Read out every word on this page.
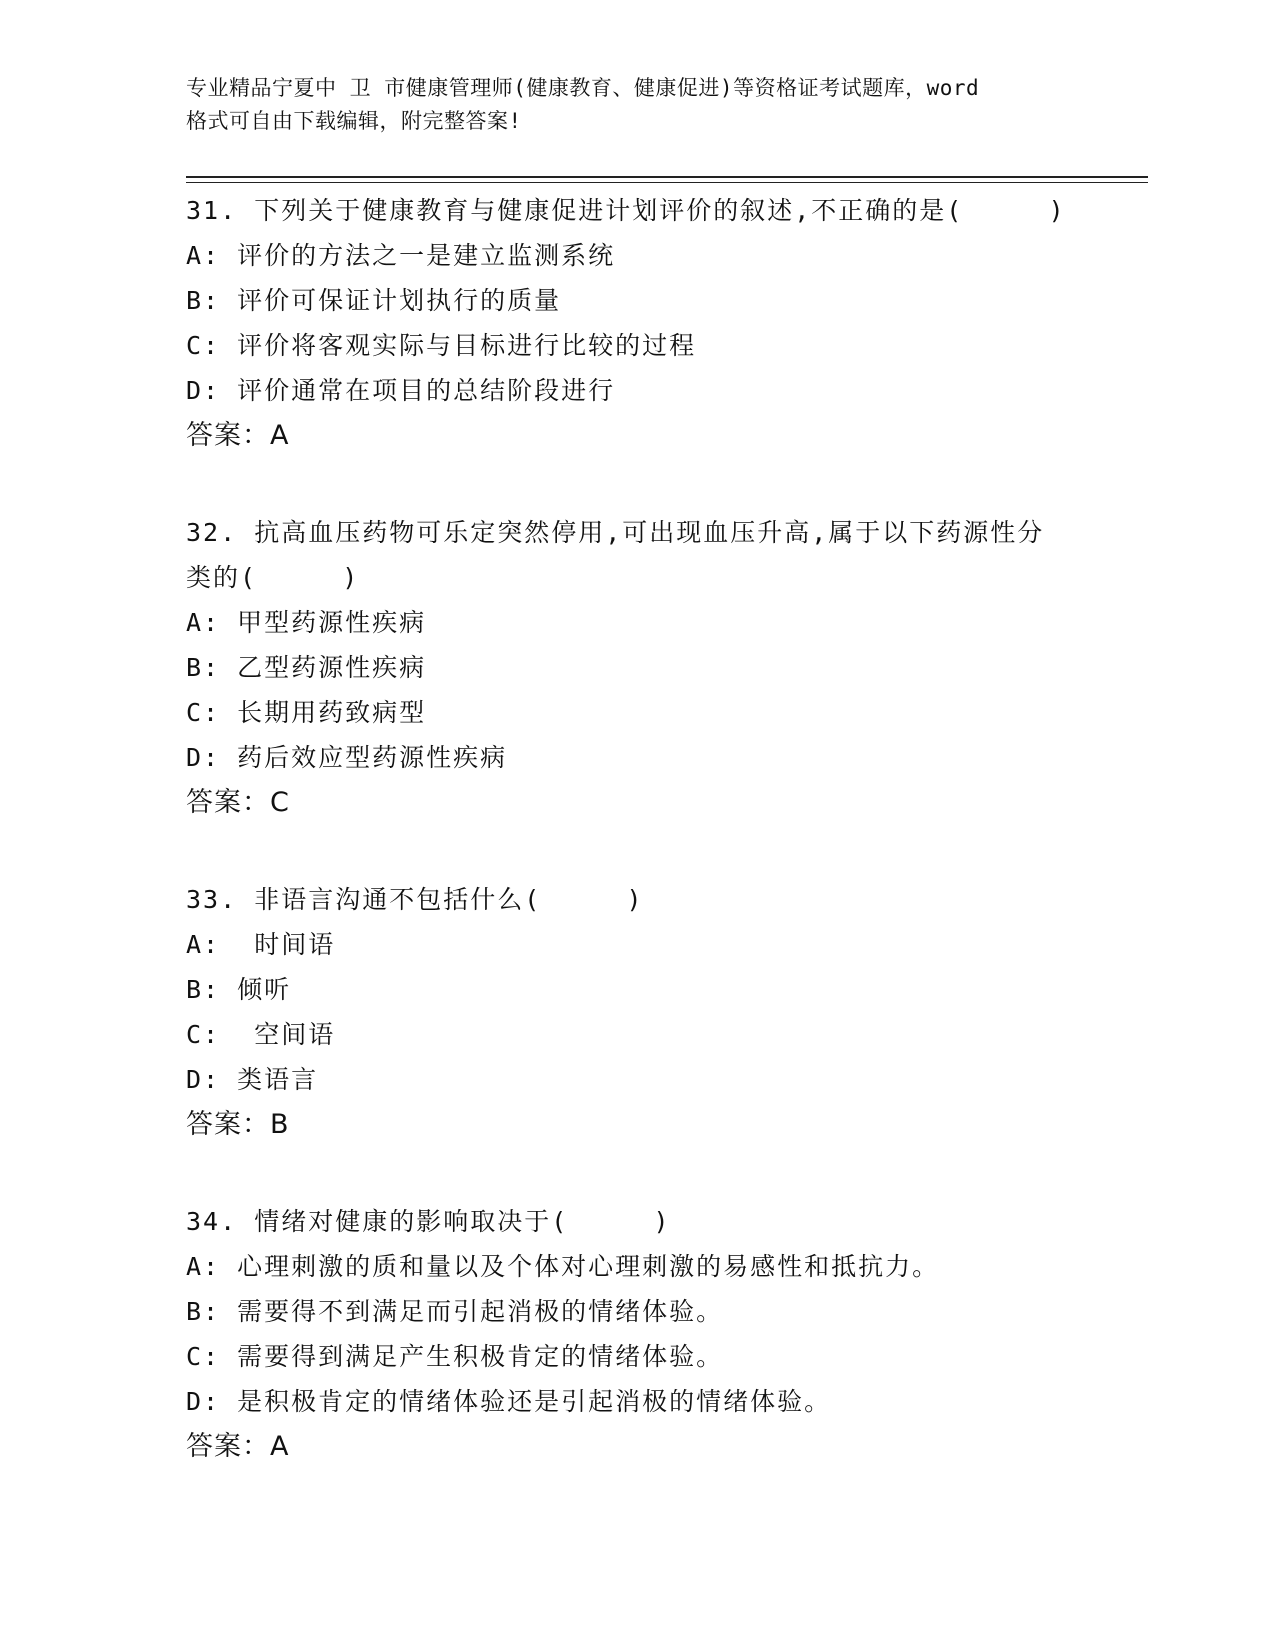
专业精品宁夏中 卫 市健康管理师(健康教育、健康促进)等资格证考试题库，word
格式可自由下载编辑，附完整答案!
31. 下列关于健康教育与健康促进计划评价的叙述,不正确的是(     )
A: 评价的方法之一是建立监测系统
B: 评价可保证计划执行的质量
C: 评价将客观实际与目标进行比较的过程
D: 评价通常在项目的总结阶段进行
答案：A
32. 抗高血压药物可乐定突然停用,可出现血压升高,属于以下药源性分类的(     )
A: 甲型药源性疾病
B: 乙型药源性疾病
C: 长期用药致病型
D: 药后效应型药源性疾病
答案：C
33. 非语言沟通不包括什么(     )
A:  时间语
B: 倾听
C:  空间语
D: 类语言
答案：B
34. 情绪对健康的影响取决于(     )
A: 心理刺激的质和量以及个体对心理刺激的易感性和抵抗力。
B: 需要得不到满足而引起消极的情绪体验。
C: 需要得到满足产生积极肯定的情绪体验。
D: 是积极肯定的情绪体验还是引起消极的情绪体验。
答案：A
